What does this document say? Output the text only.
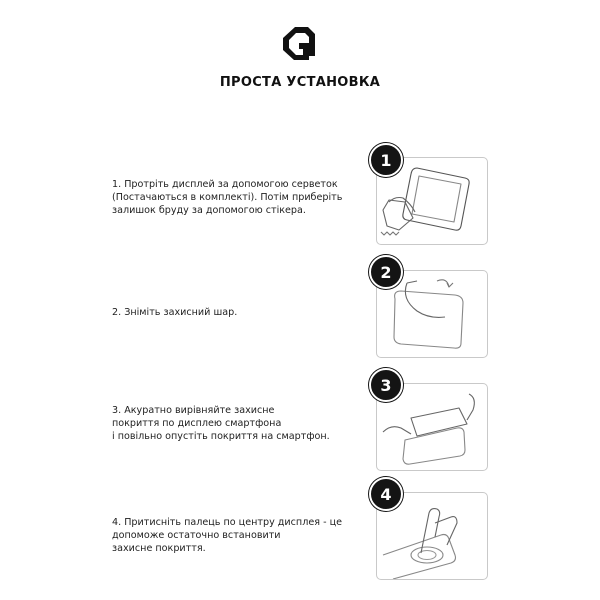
ПРОСТА УСТАНОВКА
1. Протріть дисплей за допомогою серветок
(Постачаються в комплекті). Потім приберіть
залишок бруду за допомогою стікера.
1
2. Зніміть захисний шар.
2
3. Акуратно вирівняйте захисне
покриття по дисплею смартфона
і повільно опустіть покриття на смартфон.
3
4. Притисніть палець по центру дисплея - це
допоможе остаточно встановити
захисне покриття.
4
